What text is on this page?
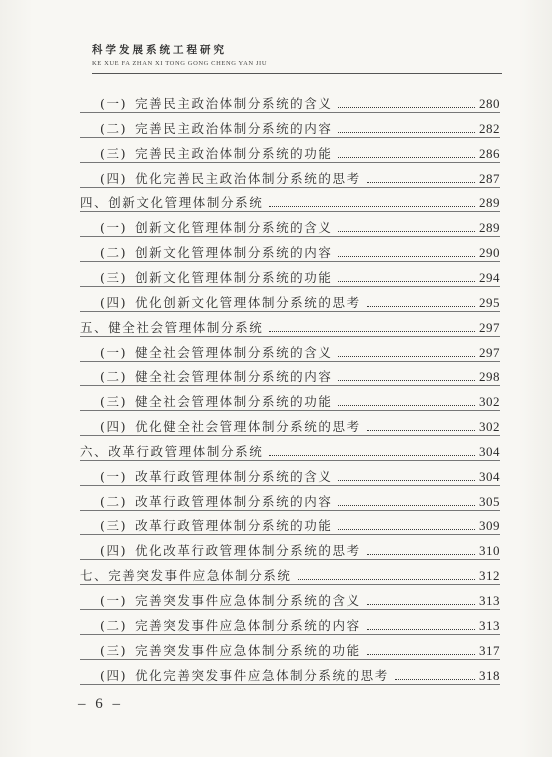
科学发展系统工程研究
KE XUE FA ZHAN XI TONG GONG CHENG YAN JIU
(一) 完善民主政治体制分系统的含义	280
(二) 完善民主政治体制分系统的内容	282
(三) 完善民主政治体制分系统的功能	286
(四) 优化完善民主政治体制分系统的思考	287
四、 创新文化管理体制分系统	289
(一) 创新文化管理体制分系统的含义	289
(二) 创新文化管理体制分系统的内容	290
(三) 创新文化管理体制分系统的功能	294
(四) 优化创新文化管理体制分系统的思考	295
五、 健全社会管理体制分系统	297
(一) 健全社会管理体制分系统的含义	297
(二) 健全社会管理体制分系统的内容	298
(三) 健全社会管理体制分系统的功能	302
(四) 优化健全社会管理体制分系统的思考	302
六、 改革行政管理体制分系统	304
(一) 改革行政管理体制分系统的含义	304
(二) 改革行政管理体制分系统的内容	305
(三) 改革行政管理体制分系统的功能	309
(四) 优化改革行政管理体制分系统的思考	310
七、 完善突发事件应急体制分系统	312
(一) 完善突发事件应急体制分系统的含义	313
(二) 完善突发事件应急体制分系统的内容	313
(三) 完善突发事件应急体制分系统的功能	317
(四) 优化完善突发事件应急体制分系统的思考	318
– 6 –
